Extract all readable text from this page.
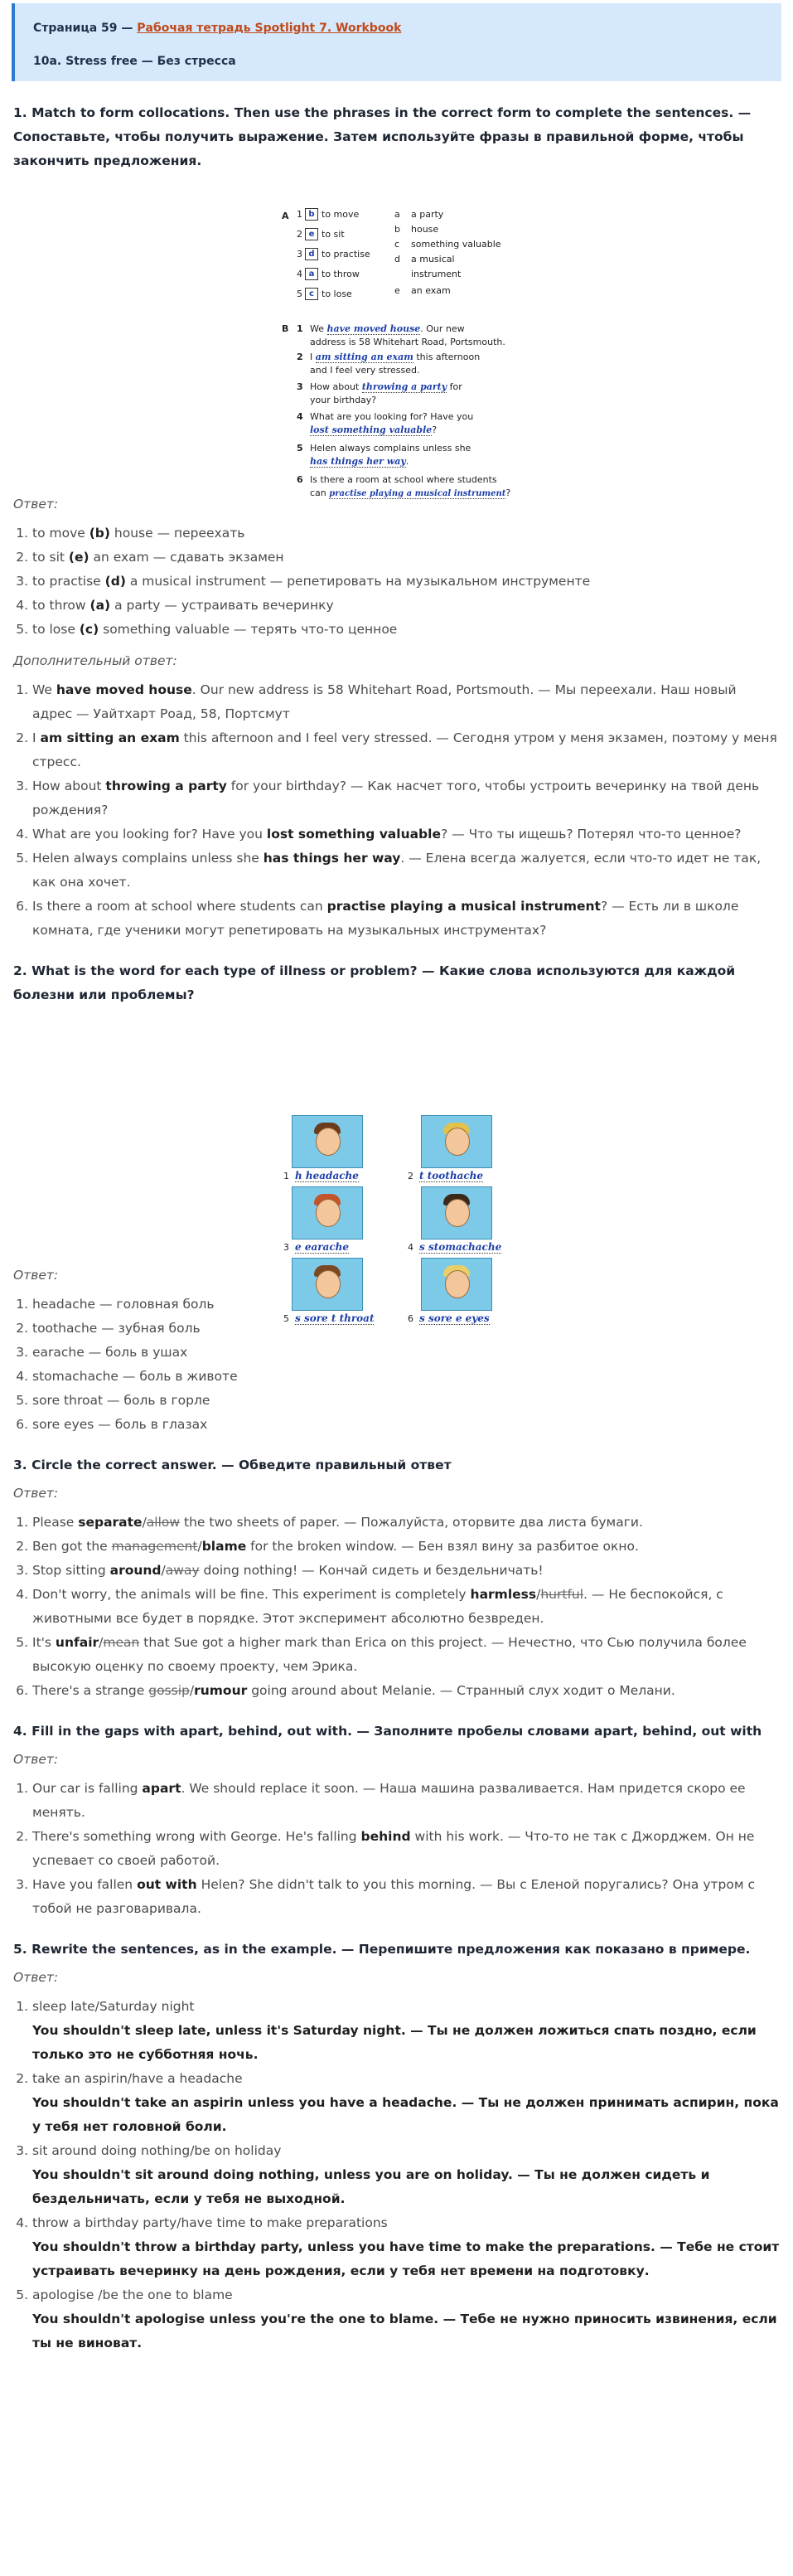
Страница 59 — Рабочая тетрадь Spotlight 7. Workbook
10a. Stress free — Без стресса
1. Match to form collocations. Then use the phrases in the correct form to complete the sentences. — Сопоставьте, чтобы получить выражение. Затем используйте фразы в правильной форме, чтобы закончить предложения.

Ответ:

1. to move (b) house — переехать
2. to sit (e) an exam — сдавать экзамен
3. to practise (d) a musical instrument — репетировать на музыкальном инструменте
4. to throw (a) a party — устраивать вечеринку
5. to lose (c) something valuable — терять что-то ценное

Дополнительный ответ:

1. We have moved house. Our new address is 58 Whitehart Road, Portsmouth. — Мы переехали. Наш новый адрес — Уайтхарт Роад, 58, Портсмут
2. I am sitting an exam this afternoon and I feel very stressed. — Сегодня утром у меня экзамен, поэтому у меня стресс.
3. How about throwing a party for your birthday? — Как насчет того, чтобы устроить вечеринку на твой день рождения?
4. What are you looking for? Have you lost something valuable? — Что ты ищешь? Потерял что-то ценное?
5. Helen always complains unless she has things her way. — Елена всегда жалуется, если что-то идет не так, как она хочет.
6. Is there a room at school where students can practise playing a musical instrument? — Есть ли в школе комната, где ученики могут репетировать на музыкальных инструментах?
2. What is the word for each type of illness or problem? — Какие слова используются для каждой болезни или проблемы?

Ответ:

1. headache — головная боль
2. toothache — зубная боль
3. earache — боль в ушах
4. stomachache — боль в животе
5. sore throat — боль в горле
6. sore eyes — боль в глазах
3. Circle the correct answer. — Обведите правильный ответ

Ответ:

1. Please separate/allow the two sheets of paper. — Пожалуйста, оторвите два листа бумаги.
2. Ben got the management/blame for the broken window. — Бен взял вину за разбитое окно.
3. Stop sitting around/away doing nothing! — Кончай сидеть и бездельничать!
4. Don't worry, the animals will be fine. This experiment is completely harmless/hurtful. — Не беспокойся, с животными все будет в порядке. Этот эксперимент абсолютно безвреден.
5. It's unfair/mean that Sue got a higher mark than Erica on this project. — Нечестно, что Сью получила более высокую оценку по своему проекту, чем Эрика.
6. There's a strange gossip/rumour going around about Melanie. — Странный слух ходит о Мелани.
4. Fill in the gaps with apart, behind, out with. — Заполните пробелы словами apart, behind, out with

Ответ:

1. Our car is falling apart. We should replace it soon. — Наша машина разваливается. Нам придется скоро ее менять.
2. There's something wrong with George. He's falling behind with his work. — Что-то не так с Джорджем. Он не успевает со своей работой.
3. Have you fallen out with Helen? She didn't talk to you this morning. — Вы с Еленой поругались? Она утром с тобой не разговаривала.
5. Rewrite the sentences, as in the example. — Перепишите предложения как показано в примере.

Ответ:

1. sleep late/Saturday night
You shouldn't sleep late, unless it's Saturday night. — Ты не должен ложиться спать поздно, если только это не субботняя ночь.
2. take an aspirin/have a headache
You shouldn't take an aspirin unless you have a headache. — Ты не должен принимать аспирин, пока у тебя нет головной боли.
3. sit around doing nothing/be on holiday
You shouldn't sit around doing nothing, unless you are on holiday. — Ты не должен сидеть и бездельничать, если у тебя не выходной.
4. throw a birthday party/have time to make preparations
You shouldn't throw a birthday party, unless you have time to make the preparations. — Тебе не стоит устраивать вечеринку на день рождения, если у тебя нет времени на подготовку.
5. apologise /be the one to blame
You shouldn't apologise unless you're the one to blame. — Тебе не нужно приносить извинения, если ты не виноват.
A 1 b to move
2 e to sit
3 d to practise
4 a to throw
5 c to lose
a a party
b house
c something valuable
d a musical
instrument
e an exam
B 1 We have moved house. Our new
address is 58 Whitehart Road, Portsmouth.
2 I am sitting an exam this afternoon
and I feel very stressed.
3 How about throwing a party for
your birthday?
4 What are you looking for? Have you
lost something valuable?
5 Helen always complains unless she
has things her way.
6 Is there a room at school where students
can practise playing a musical instrument?
1 h headache	2 t toothache
3 e earache	4 s stomachache
5 s sore t throat	6 s sore e eyes
